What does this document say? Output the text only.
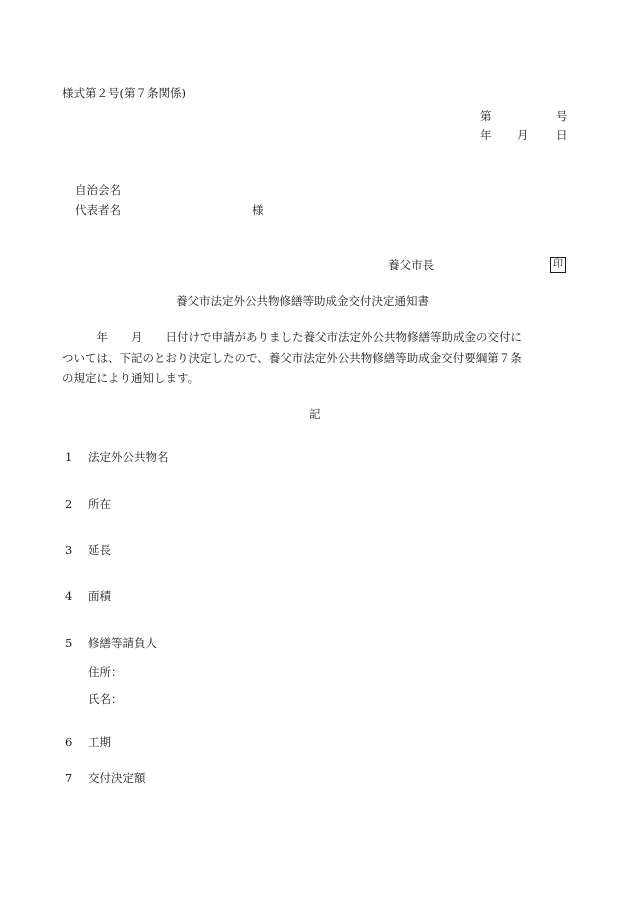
様式第２号(第７条関係)
第	号
年 月 日
自治会名
代表者名	様
養父市長	印
養父市法定外公共物修繕等助成金交付決定通知書
　　　年　　月　　日付けで申請がありました養父市法定外公共物修繕等助成金の交付に
ついては、下記のとおり決定したので、養父市法定外公共物修繕等助成金交付要綱第７条
の規定により通知します。
記
1 法定外公共物名
2 所在
3 延長
4 面積
5 修繕等請負人
住所：
氏名：
6 工期
7 交付決定額
